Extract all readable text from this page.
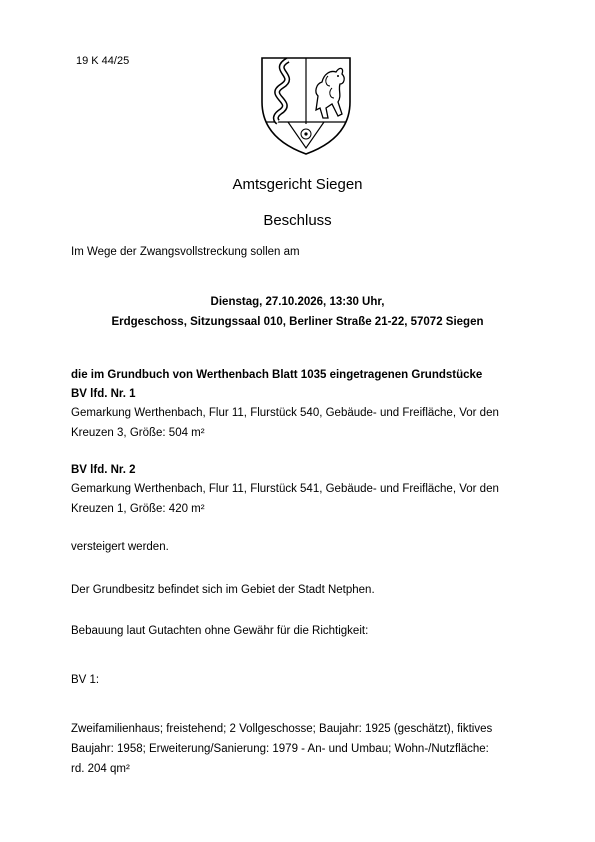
19 K 44/25
Amtsgericht Siegen
Beschluss
Im Wege der Zwangsvollstreckung sollen am
Dienstag, 27.10.2026, 13:30 Uhr,
Erdgeschoss, Sitzungssaal 010, Berliner Straße 21-22, 57072 Siegen
die im Grundbuch von Werthenbach Blatt 1035 eingetragenen Grundstücke
BV lfd. Nr. 1
Gemarkung Werthenbach, Flur 11, Flurstück 540, Gebäude- und Freifläche, Vor den
Kreuzen 3, Größe: 504 m²
BV lfd. Nr. 2
Gemarkung Werthenbach, Flur 11, Flurstück 541, Gebäude- und Freifläche, Vor den
Kreuzen 1, Größe: 420 m²
versteigert werden.
Der Grundbesitz befindet sich im Gebiet der Stadt Netphen.
Bebauung laut Gutachten ohne Gewähr für die Richtigkeit:
BV 1:
Zweifamilienhaus; freistehend; 2 Vollgeschosse; Baujahr: 1925 (geschätzt), fiktives
Baujahr: 1958; Erweiterung/Sanierung: 1979 - An- und Umbau; Wohn-/Nutzfläche:
rd. 204 qm²
